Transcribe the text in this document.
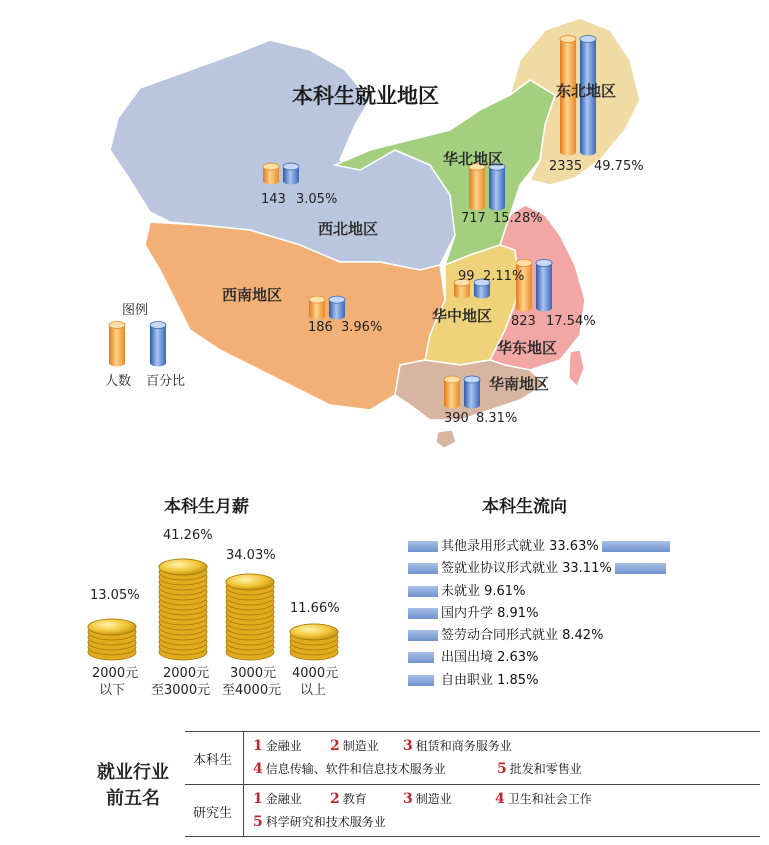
本科生就业地区	东北地区
2335 49.75%
华北地区
717 15.28%
143 3.05%
西北地区
99 2.11%
华中地区 823 17.54%
华东地区
西南地区
186 3.96%
华南地区
390 8.31%
图例
人数 百分比
本科生月薪
13.05%
41.26%
34.03%
11.66%
2000元
以下
2000元
至3000元
3000元
至4000元
4000元
以上
本科生流向
其他录用形式就业 33.63%
签就业协议形式就业 33.11%
未就业 9.61%
国内升学 8.91%
签劳动合同形式就业 8.42%
出国出境 2.63%
自由职业 1.85%
就业行业
前五名
本科生
1 金融业 2 制造业 3 租赁和商务服务业
4 信息传输、软件和信息技术服务业	5 批发和零售业
研究生
1 金融业 2 教育	3 制造业	4 卫生和社会工作
5 科学研究和技术服务业
